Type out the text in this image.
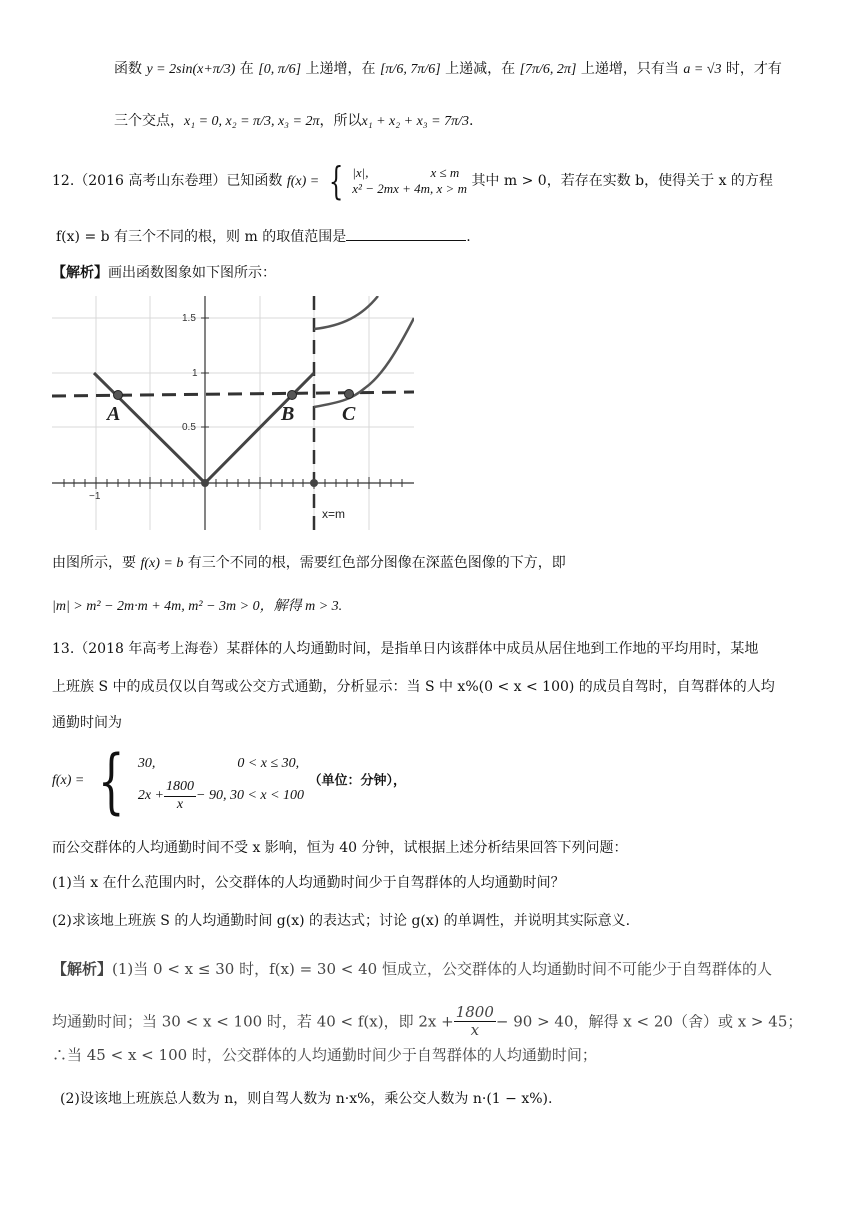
函数 y = 2sin(x+π/3) 在 [0, π/6] 上递增，在 [π/6, 7π/6] 上递减，在 [7π/6, 2π] 上递增，只有当 a = √3 时，才有
三个交点，x₁ = 0, x₂ = π/3, x₃ = 2π，所以x₁ + x₂ + x₃ = 7π/3.
12.（2016 高考山东卷理）已知函数 f(x) = { |x|,	x ≤ m
x² − 2mx + 4m, x > m 其中 m > 0，若存在实数 b，使得关于 x 的方程
f(x) = b 有三个不同的根，则 m 的取值范围是	.
【解析】画出函数图象如下图所示：
1.5
1
0.5
−1
A	B C
x=m
由图所示，要 f(x) = b 有三个不同的根，需要红色部分图像在深蓝色图像的下方，即
|m| > m² − 2m·m + 4m, m² − 3m > 0，解得 m > 3.
13.（2018 年高考上海卷）某群体的人均通勤时间，是指单日内该群体中成员从居住地到工作地的平均用时，某地
上班族 S 中的成员仅以自驾或公交方式通勤，分析显示：当 S 中 x%(0 < x < 100) 的成员自驾时，自驾群体的人均
通勤时间为
f(x) = { 30,	0 < x ≤ 30,
$2x + \frac{1800}{x} - 90$, 30 < x < 100
（单位：分钟），
而公交群体的人均通勤时间不受 x 影响，恒为 40 分钟，试根据上述分析结果回答下列问题：
(1)当 x 在什么范围内时，公交群体的人均通勤时间少于自驾群体的人均通勤时间？
(2)求该地上班族 S 的人均通勤时间 g(x) 的表达式；讨论 g(x) 的单调性，并说明其实际意义.
【解析】(1)当 0 < x ≤ 30 时，f(x) = 30 < 40 恒成立，公交群体的人均通勤时间不可能少于自驾群体的人
均通勤时间；当 30 < x < 100 时，若 40 < f(x)，即 $2x + \frac{1800}{x} - 90 > 40$，解得 x < 20（舍）或 x > 45；
∴当 45 < x < 100 时，公交群体的人均通勤时间少于自驾群体的人均通勤时间；
(2)设该地上班族总人数为 n，则自驾人数为 n·x%，乘公交人数为 n·(1 − x%).
